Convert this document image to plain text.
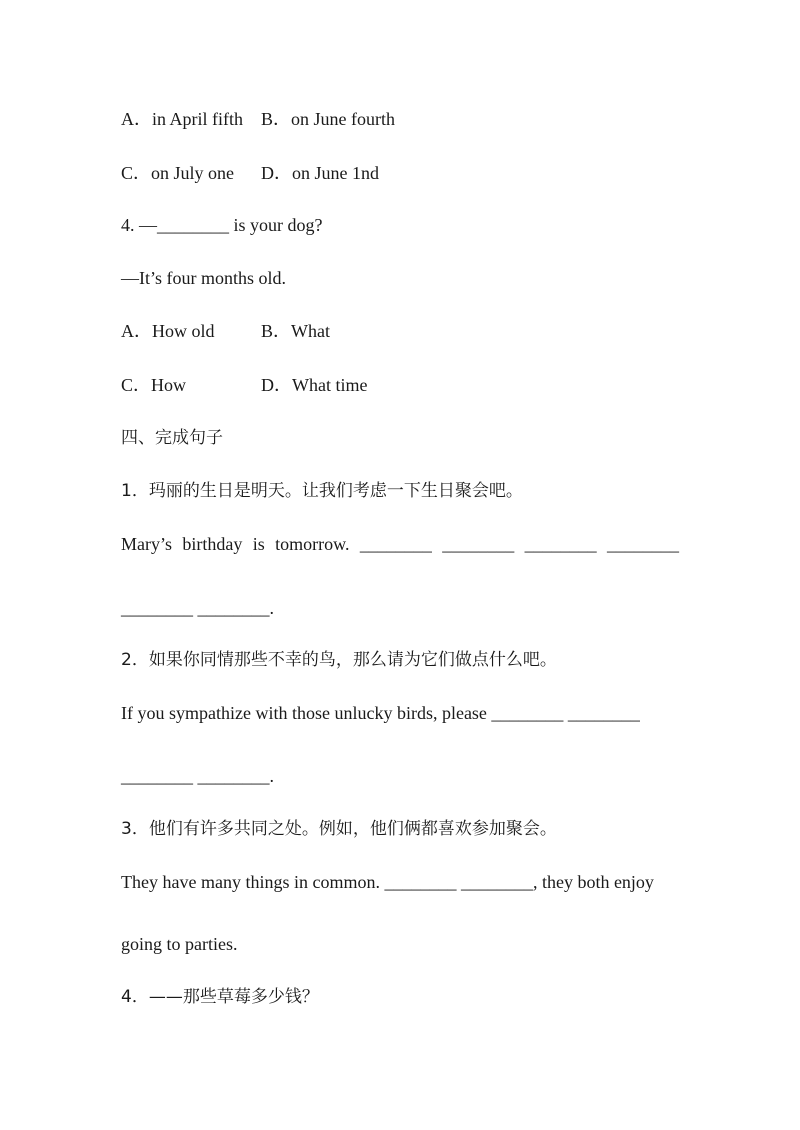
A．in April fifth B．on June fourth
C．on July one D．on June 1nd
4. —________ is your dog?
—It’s four months old.
A．How old	B．What
C．How	D．What time
四、完成句子
1．玛丽的生日是明天。让我们考虑一下生日聚会吧。
Mary’s birthday is tomorrow. ________ ________ ________ ________
________ ________.
2．如果你同情那些不幸的鸟，那么请为它们做点什么吧。
If you sympathize with those unlucky birds, please ________ ________
________ ________.
3．他们有许多共同之处。例如，他们俩都喜欢参加聚会。
They have many things in common. ________ ________, they both enjoy
going to parties.
4．——那些草莓多少钱？
